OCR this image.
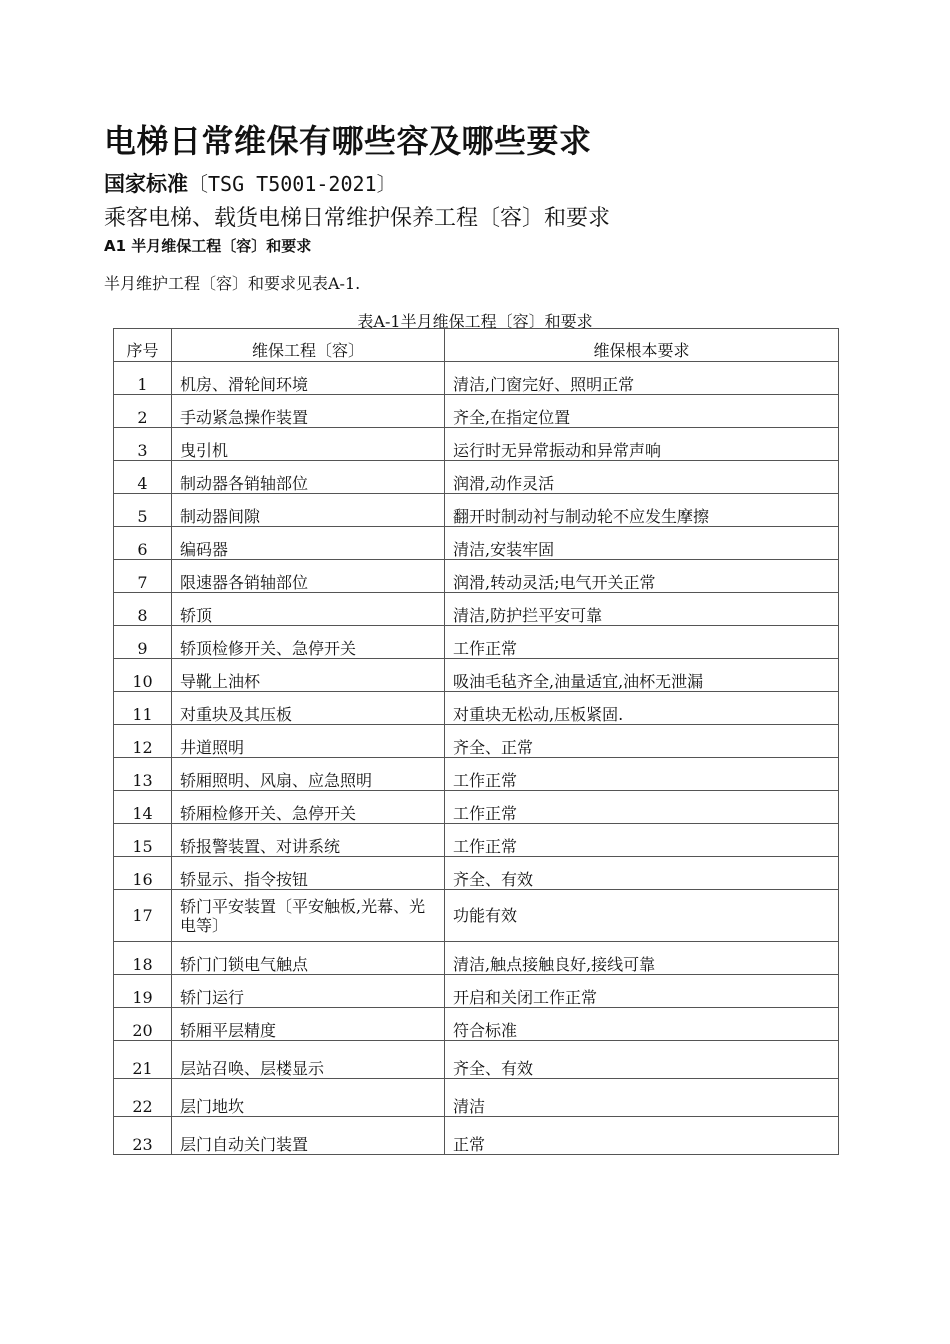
电梯日常维保有哪些容及哪些要求
国家标准〔TSG T5001-2021〕
乘客电梯、载货电梯日常维护保养工程〔容〕和要求
A1 半月维保工程〔容〕和要求
半月维护工程〔容〕和要求见表A-1.
表A-1半月维保工程〔容〕和要求
序号	维保工程〔容〕	维保根本要求
1	机房、滑轮间环境	清洁,门窗完好、照明正常
2	手动紧急操作装置	齐全,在指定位置
3	曳引机	运行时无异常振动和异常声响
4	制动器各销轴部位	润滑,动作灵活
5	制动器间隙	翻开时制动衬与制动轮不应发生摩擦
6	编码器	清洁,安装牢固
7	限速器各销轴部位	润滑,转动灵活;电气开关正常
8	轿顶	清洁,防护拦平安可靠
9	轿顶检修开关、急停开关	工作正常
10	导靴上油杯	吸油毛毡齐全,油量适宜,油杯无泄漏
11	对重块及其压板	对重块无松动,压板紧固.
12	井道照明	齐全、正常
13	轿厢照明、风扇、应急照明	工作正常
14	轿厢检修开关、急停开关	工作正常
15	轿报警装置、对讲系统	工作正常
16	轿显示、指令按钮	齐全、有效
17	轿门平安装置〔平安触板,光幕、光电等〕	功能有效
18	轿门门锁电气触点	清洁,触点接触良好,接线可靠
19	轿门运行	开启和关闭工作正常
20	轿厢平层精度	符合标准
21	层站召唤、层楼显示	齐全、有效
22	层门地坎	清洁
23	层门自动关门装置	正常
